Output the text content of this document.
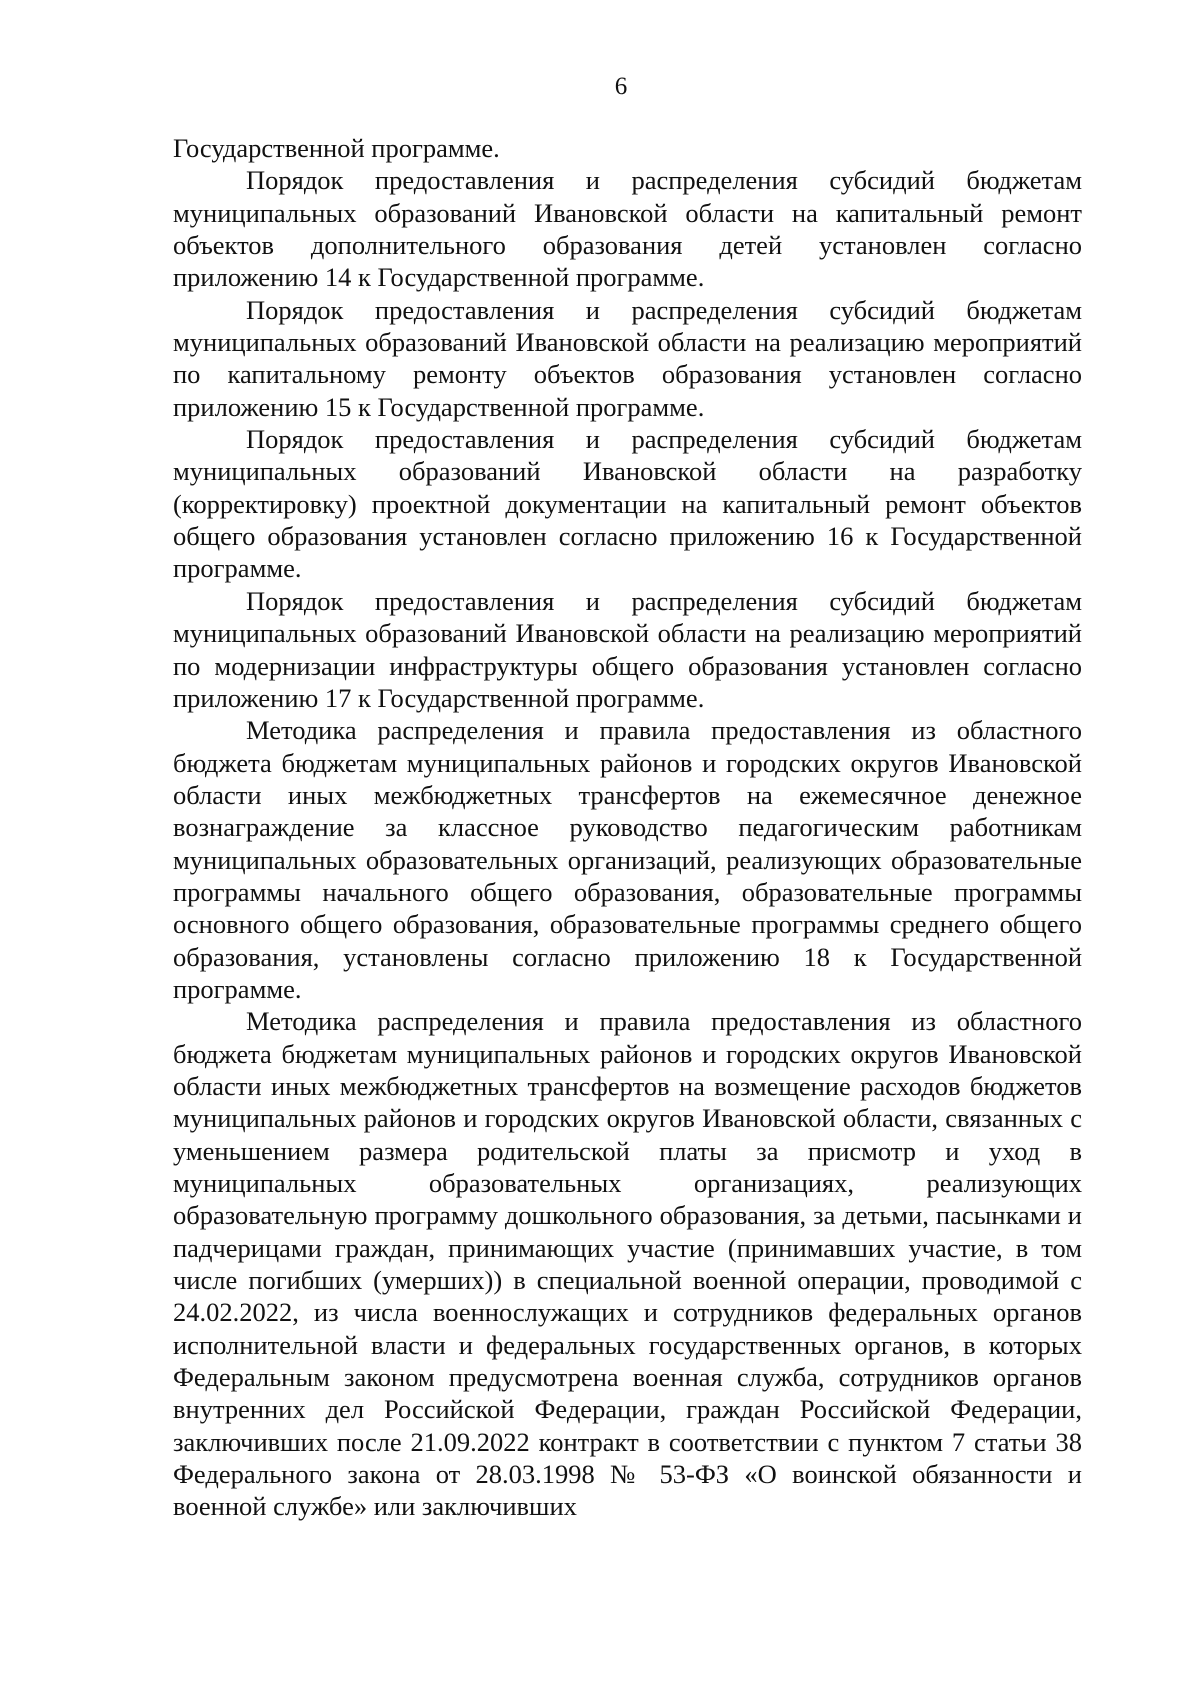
6

Государственной программе.

Порядок предоставления и распределения субсидий бюджетам муниципальных образований Ивановской области на капитальный ремонт объектов дополнительного образования детей установлен согласно приложению 14 к Государственной программе.

Порядок предоставления и распределения субсидий бюджетам муниципальных образований Ивановской области на реализацию мероприятий по капитальному ремонту объектов образования установлен согласно приложению 15 к Государственной программе.

Порядок предоставления и распределения субсидий бюджетам муниципальных образований Ивановской области на разработку (корректировку) проектной документации на капитальный ремонт объектов общего образования установлен согласно приложению 16 к Государственной программе.

Порядок предоставления и распределения субсидий бюджетам муниципальных образований Ивановской области на реализацию мероприятий по модернизации инфраструктуры общего образования установлен согласно приложению 17 к Государственной программе.

Методика распределения и правила предоставления из областного бюджета бюджетам муниципальных районов и городских округов Ивановской области иных межбюджетных трансфертов на ежемесячное денежное вознаграждение за классное руководство педагогическим работникам муниципальных образовательных организаций, реализующих образовательные программы начального общего образования, образовательные программы основного общего образования, образовательные программы среднего общего образования, установлены согласно приложению 18 к Государственной программе.

Методика распределения и правила предоставления из областного бюджета бюджетам муниципальных районов и городских округов Ивановской области иных межбюджетных трансфертов на возмещение расходов бюджетов муниципальных районов и городских округов Ивановской области, связанных с уменьшением размера родительской платы за присмотр и уход в муниципальных образовательных организациях, реализующих образовательную программу дошкольного образования, за детьми, пасынками и падчерицами граждан, принимающих участие (принимавших участие, в том числе погибших (умерших)) в специальной военной операции, проводимой с 24.02.2022, из числа военнослужащих и сотрудников федеральных органов исполнительной власти и федеральных государственных органов, в которых Федеральным законом предусмотрена военная служба, сотрудников органов внутренних дел Российской Федерации, граждан Российской Федерации, заключивших после 21.09.2022 контракт в соответствии с пунктом 7 статьи 38 Федерального закона от 28.03.1998 № 53-ФЗ «О воинской обязанности и военной службе» или заключивших
